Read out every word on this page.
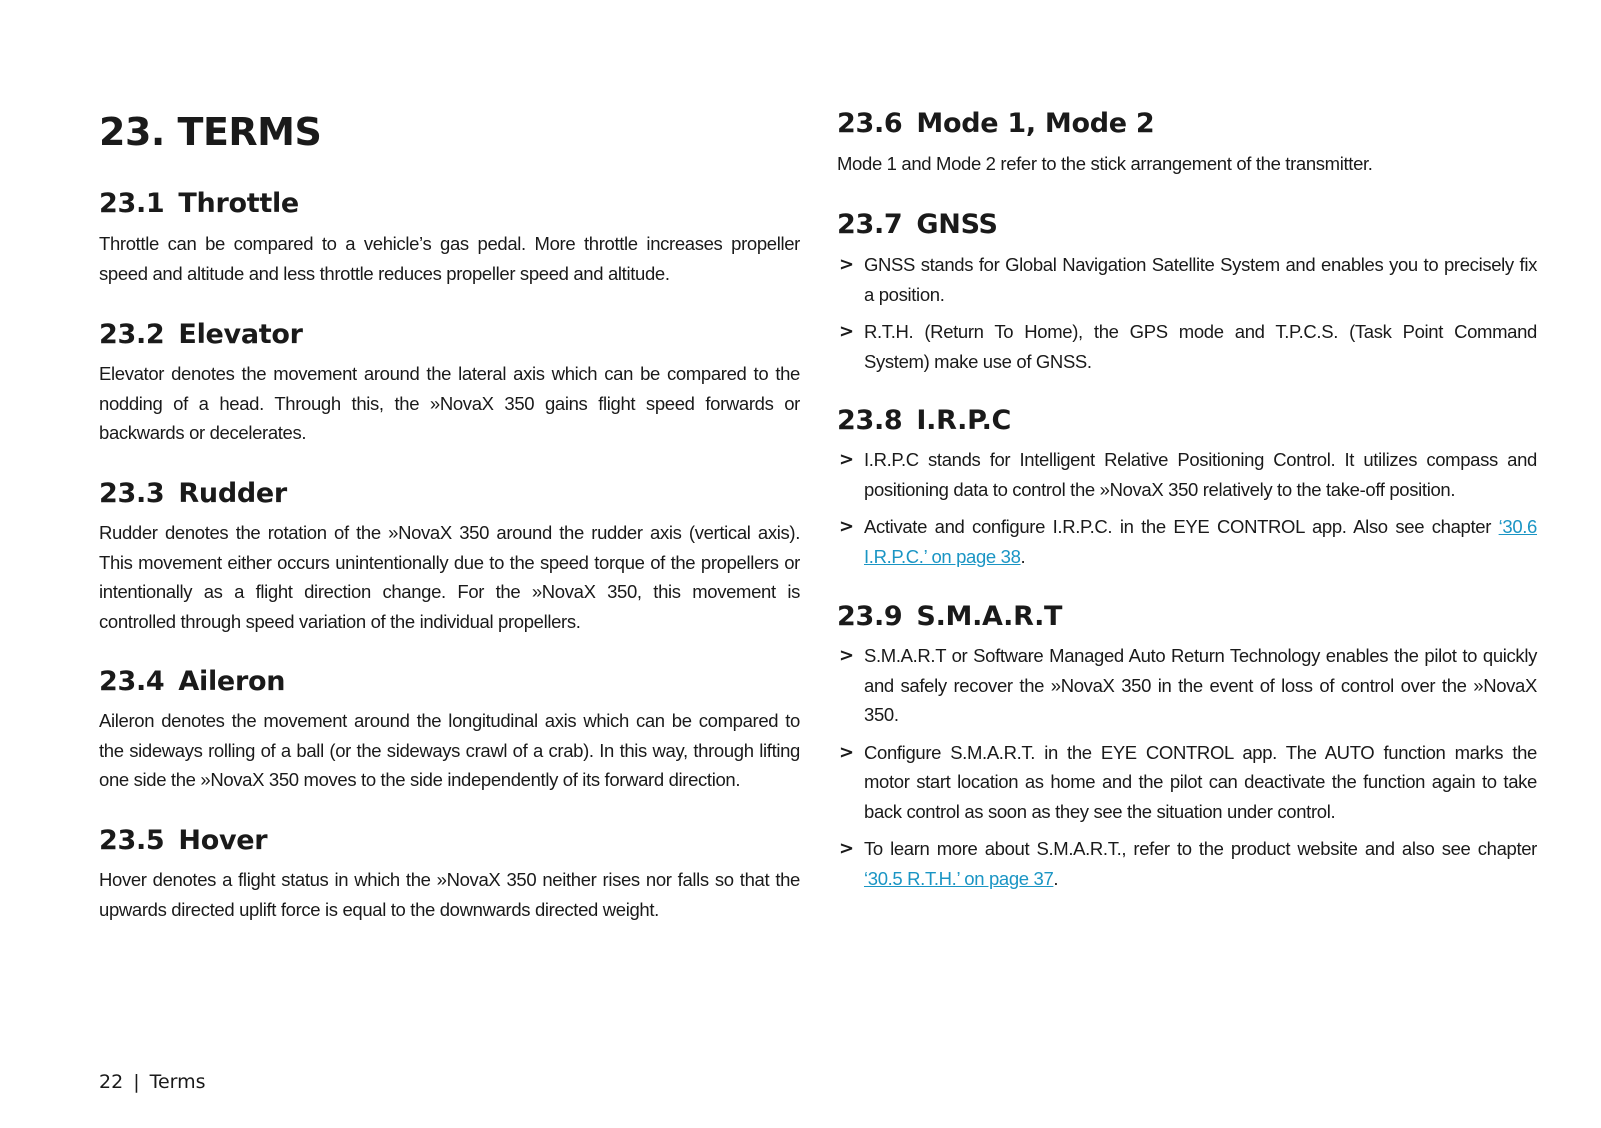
23. TERMS
23.1 Throttle

Throttle can be compared to a vehicle’s gas pedal. More throttle increases propeller speed and altitude and less throttle reduces propeller speed and altitude.

23.2 Elevator

Elevator denotes the movement around the lateral axis which can be compared to the nodding of a head. Through this, the »NovaX 350 gains flight speed forwards or backwards or decelerates.

23.3 Rudder

Rudder denotes the rotation of the »NovaX 350 around the rudder axis (vertical axis). This movement either occurs unintentionally due to the speed torque of the propellers or intentionally as a flight direction change. For the »NovaX 350, this movement is controlled through speed variation of the individual propellers.

23.4 Aileron

Aileron denotes the movement around the longitudinal axis which can be compared to the sideways rolling of a ball (or the sideways crawl of a crab). In this way, through lifting one side the »NovaX 350 moves to the side independently of its forward direction.

23.5 Hover

Hover denotes a flight status in which the »NovaX 350 neither rises nor falls so that the upwards directed uplift force is equal to the downwards directed weight.

23.6 Mode 1, Mode 2

Mode 1 and Mode 2 refer to the stick arrangement of the transmitter.

23.7 GNSS
> GNSS stands for Global Navigation Satellite System and enables you to precisely fix a position.
> R.T.H. (Return To Home), the GPS mode and T.P.C.S. (Task Point Command System) make use of GNSS.
23.8 I.R.P.C
> I.R.P.C stands for Intelligent Relative Positioning Control. It utilizes compass and positioning data to control the »NovaX 350 relatively to the take-off position.
> Activate and configure I.R.P.C. in the EYE CONTROL app. Also see chapter ‘30.6 I.R.P.C.’ on page 38.
23.9 S.M.A.R.T
> S.M.A.R.T or Software Managed Auto Return Technology enables the pilot to quickly and safely recover the »NovaX 350 in the event of loss of control over the »NovaX 350.
> Configure S.M.A.R.T. in the EYE CONTROL app. The AUTO function marks the motor start location as home and the pilot can deactivate the function again to take back control as soon as they see the situation under control.
> To learn more about S.M.A.R.T., refer to the product website and also see chapter ‘30.5 R.T.H.’ on page 37.
22 | Terms
